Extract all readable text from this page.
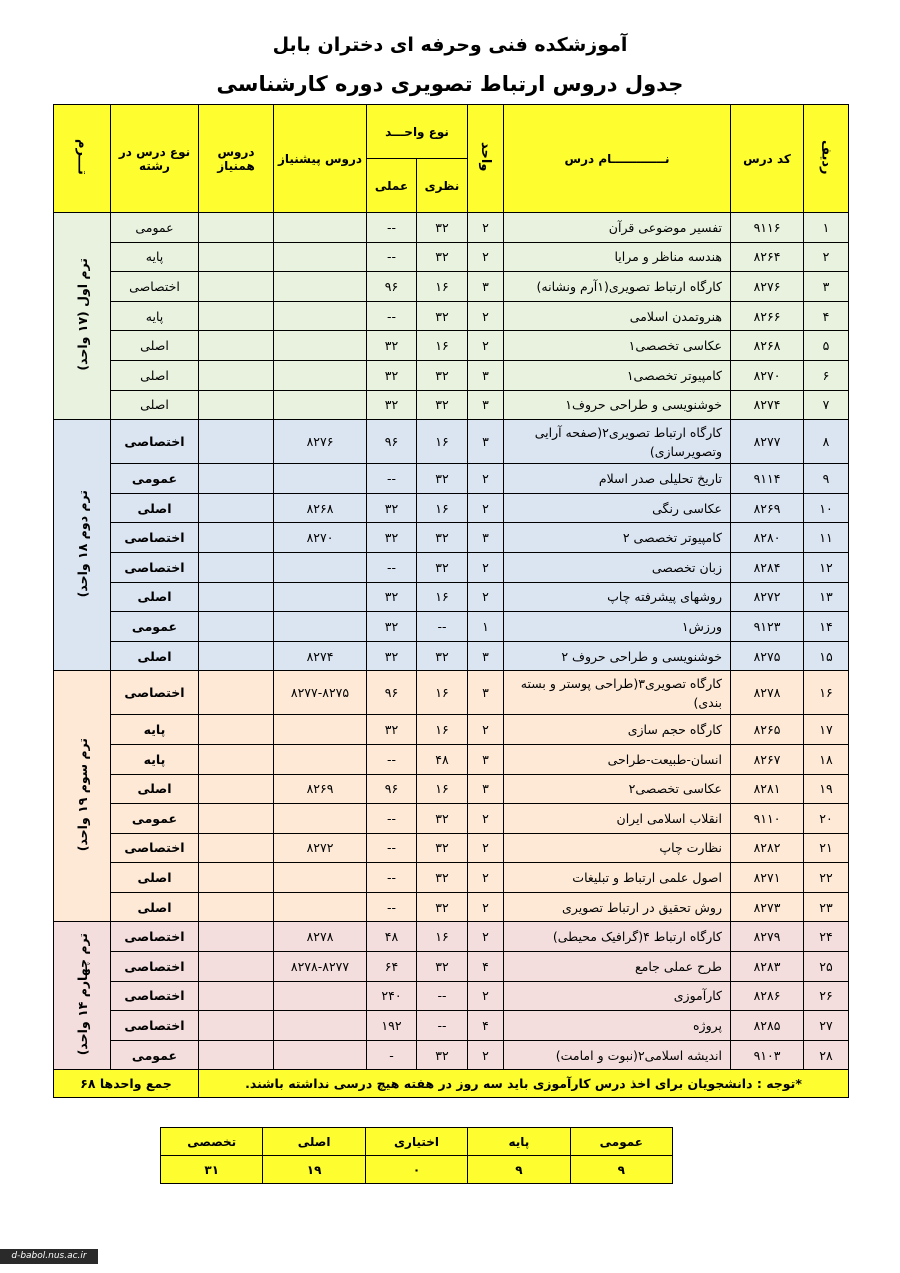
آموزشکده فنی وحرفه ای دختران بابل
جدول دروس ارتباط تصویری دوره کارشناسی
ردیف	کد درس	نـــــــــــــام درس	واحد	نوع واحـــد		دروس پیشنیاز	دروس همنیاز	نوع درس در رشته	تـــرم
				نظری	عملی				
۱	۹۱۱۶	تفسیر موضوعی قرآن	۲	۳۲	--			عمومی	ترم اول (۱۷ واحد)
۲	۸۲۶۴	هندسه مناظر و مرایا	۲	۳۲	--			پایه	
۳	۸۲۷۶	کارگاه ارتباط تصویری(۱آرم ونشانه)	۳	۱۶	۹۶			اختصاصی	
۴	۸۲۶۶	هنروتمدن اسلامی	۲	۳۲	--			پایه	
۵	۸۲۶۸	عکاسی تخصصی۱	۲	۱۶	۳۲			اصلی	
۶	۸۲۷۰	کامپیوتر تخصصی۱	۳	۳۲	۳۲			اصلی	
۷	۸۲۷۴	خوشنویسی و طراحی حروف۱	۳	۳۲	۳۲			اصلی	
۸	۸۲۷۷	کارگاه ارتباط تصویری۲(صفحه آرایی وتصویرسازی)	۳	۱۶	۹۶	۸۲۷۶		اختصاصی	ترم دوم ۱۸ واحد)
۹	۹۱۱۴	تاریخ تحلیلی صدر اسلام	۲	۳۲	--			عمومی	
۱۰	۸۲۶۹	عکاسی رنگی	۲	۱۶	۳۲	۸۲۶۸		اصلی	
۱۱	۸۲۸۰	کامپیوتر تخصصی ۲	۳	۳۲	۳۲	۸۲۷۰		اختصاصی	
۱۲	۸۲۸۴	زبان تخصصی	۲	۳۲	--			اختصاصی	
۱۳	۸۲۷۲	روشهای پیشرفته چاپ	۲	۱۶	۳۲			اصلی	
۱۴	۹۱۲۳	ورزش۱	۱	--	۳۲			عمومی	
۱۵	۸۲۷۵	خوشنویسی و طراحی حروف ۲	۳	۳۲	۳۲	۸۲۷۴		اصلی	
۱۶	۸۲۷۸	کارگاه تصویری۳(طراحی پوستر و بسته بندی)	۳	۱۶	۹۶	۸۲۷۷-۸۲۷۵		اختصاصی	ترم سوم ۱۹ واحد)
۱۷	۸۲۶۵	کارگاه حجم سازی	۲	۱۶	۳۲			پایه	
۱۸	۸۲۶۷	انسان-طبیعت-طراحی	۳	۴۸	--			پایه	
۱۹	۸۲۸۱	عکاسی تخصصی۲	۳	۱۶	۹۶	۸۲۶۹		اصلی	
۲۰	۹۱۱۰	انقلاب اسلامی ایران	۲	۳۲	--			عمومی	
۲۱	۸۲۸۲	نظارت چاپ	۲	۳۲	--	۸۲۷۲		اختصاصی	
۲۲	۸۲۷۱	اصول علمی ارتباط و تبلیغات	۲	۳۲	--			اصلی	
۲۳	۸۲۷۳	روش تحقیق در ارتباط تصویری	۲	۳۲	--			اصلی	
۲۴	۸۲۷۹	کارگاه ارتباط ۴(گرافیک محیطی)	۲	۱۶	۴۸	۸۲۷۸		اختصاصی	ترم چهارم ۱۴ واحد)
۲۵	۸۲۸۳	طرح عملی جامع	۴	۳۲	۶۴	۸۲۷۸-۸۲۷۷		اختصاصی	
۲۶	۸۲۸۶	کارآموزی	۲	--	۲۴۰			اختصاصی	
۲۷	۸۲۸۵	پروژه	۴	--	۱۹۲			اختصاصی	
۲۸	۹۱۰۳	اندیشه اسلامی۲(نبوت و امامت)	۲	۳۲	-			عمومی	
*توجه : دانشجویان برای اخذ درس کارآموزی باید سه روز در هفته هیچ درسی نداشته باشند.								جمع واحدها ۶۸	
عمومی	پایه	اختیاری	اصلی	تخصصی
۹	۹	۰	۱۹	۳۱
d-babol.nus.ac.ir
